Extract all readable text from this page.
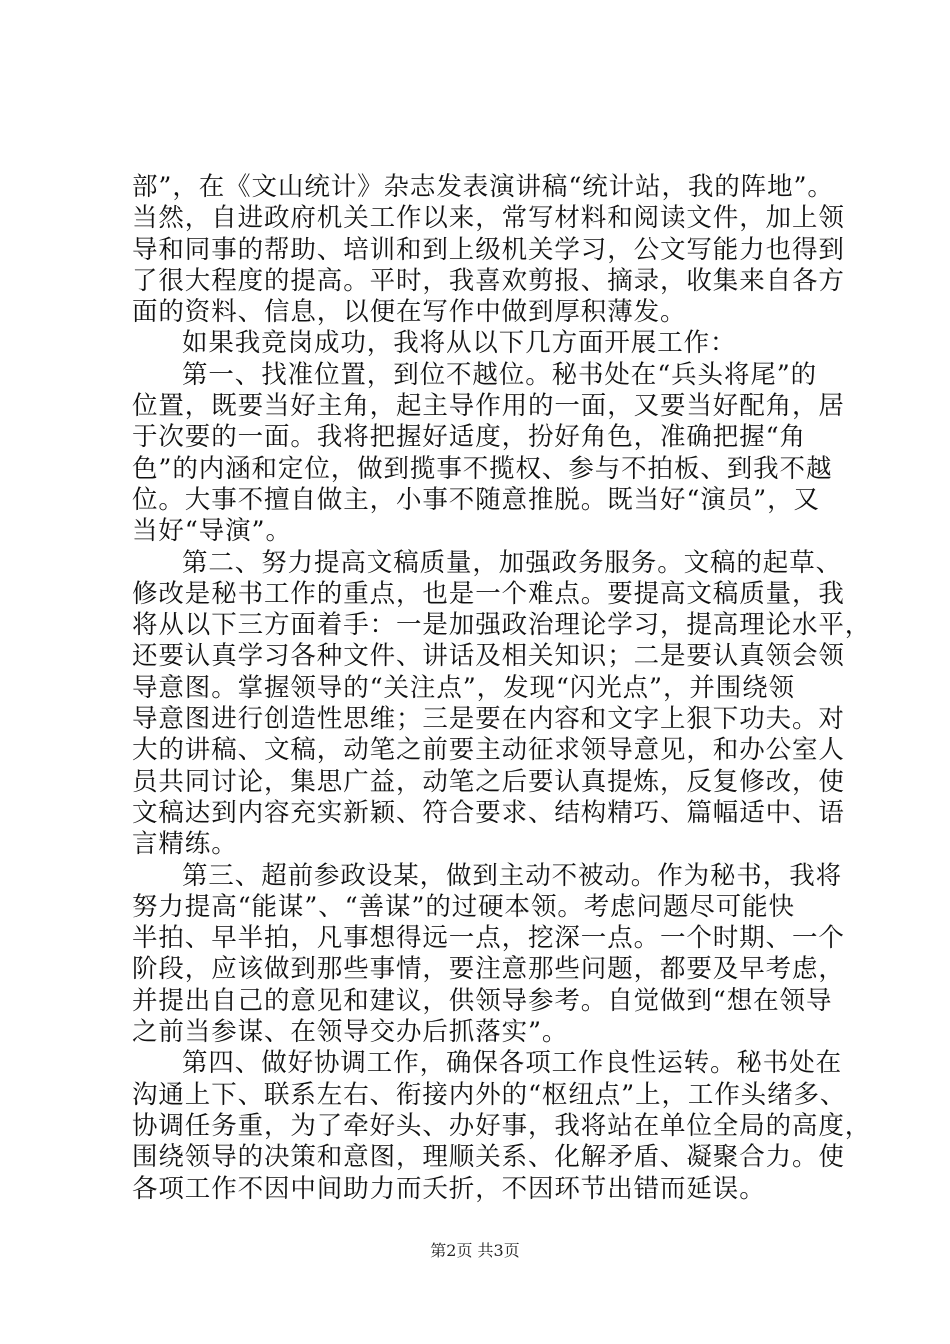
部”，在《文山统计》杂志发表演讲稿“统计站，我的阵地”。
当然，自进政府机关工作以来，常写材料和阅读文件，加上领
导和同事的帮助、培训和到上级机关学习，公文写能力也得到
了很大程度的提高。平时，我喜欢剪报、摘录，收集来自各方
面的资料、信息，以便在写作中做到厚积薄发。
如果我竞岗成功，我将从以下几方面开展工作：
第一、找准位置，到位不越位。秘书处在“兵头将尾”的
位置，既要当好主角，起主导作用的一面，又要当好配角，居
于次要的一面。我将把握好适度，扮好角色，准确把握“角
色”的内涵和定位，做到揽事不揽权、参与不拍板、到我不越
位。大事不擅自做主，小事不随意推脱。既当好“演员”，又
当好“导演”。
第二、努力提高文稿质量，加强政务服务。文稿的起草、
修改是秘书工作的重点，也是一个难点。要提高文稿质量，我
将从以下三方面着手：一是加强政治理论学习，提高理论水平，
还要认真学习各种文件、讲话及相关知识；二是要认真领会领
导意图。掌握领导的“关注点”，发现“闪光点”，并围绕领
导意图进行创造性思维；三是要在内容和文字上狠下功夫。对
大的讲稿、文稿，动笔之前要主动征求领导意见，和办公室人
员共同讨论，集思广益，动笔之后要认真提炼，反复修改，使
文稿达到内容充实新颖、符合要求、结构精巧、篇幅适中、语
言精练。
第三、超前参政设某，做到主动不被动。作为秘书，我将
努力提高“能谋”、“善谋”的过硬本领。考虑问题尽可能快
半拍、早半拍，凡事想得远一点，挖深一点。一个时期、一个
阶段，应该做到那些事情，要注意那些问题，都要及早考虑，
并提出自己的意见和建议，供领导参考。自觉做到“想在领导
之前当参谋、在领导交办后抓落实”。
第四、做好协调工作，确保各项工作良性运转。秘书处在
沟通上下、联系左右、衔接内外的“枢纽点”上，工作头绪多、
协调任务重，为了牵好头、办好事，我将站在单位全局的高度，
围绕领导的决策和意图，理顺关系、化解矛盾、凝聚合力。使
各项工作不因中间助力而夭折，不因环节出错而延误。
第2页 共3页
